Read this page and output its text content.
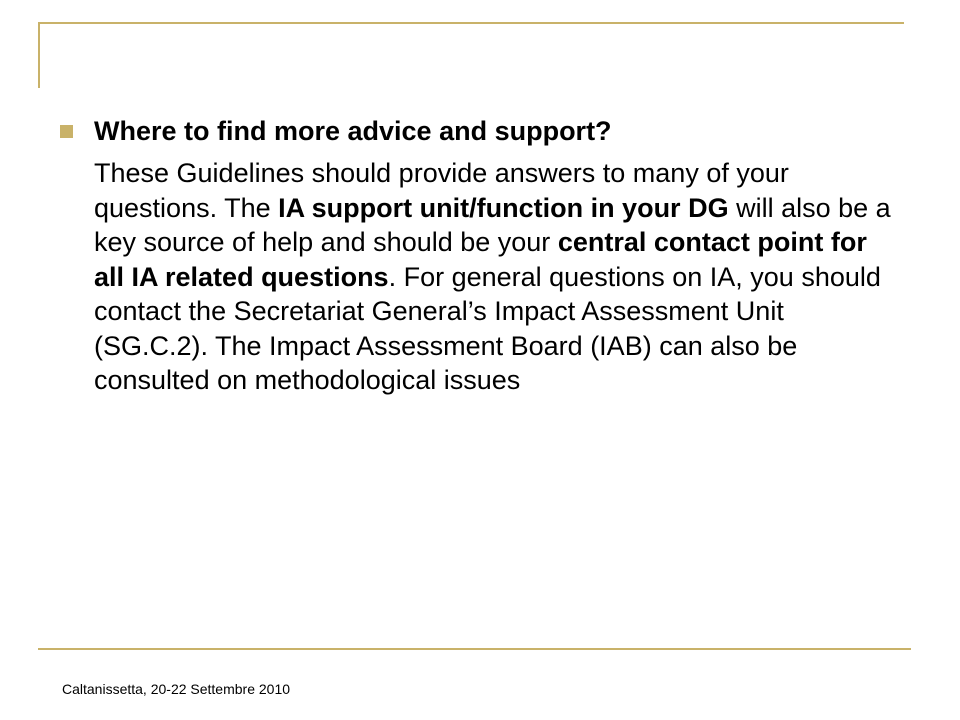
Where to find more advice and support?

These Guidelines should provide answers to many of your questions. The IA support unit/function in your DG will also be a key source of help and should be your central contact point for all IA related questions. For general questions on IA, you should contact the Secretariat General’s Impact Assessment Unit (SG.C.2). The Impact Assessment Board (IAB) can also be consulted on methodological issues

Caltanissetta, 20-22 Settembre 2010
